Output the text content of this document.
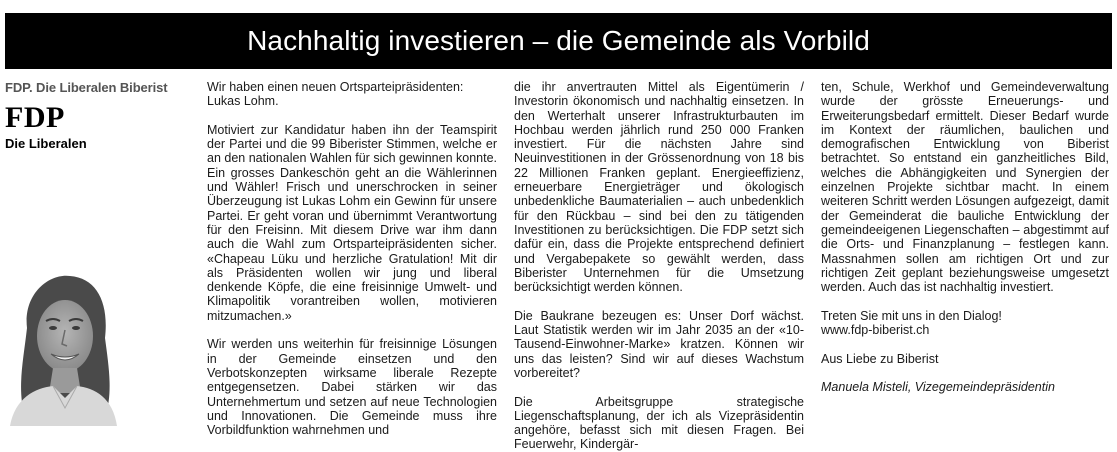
Nachhaltig investieren – die Gemeinde als Vorbild
FDP. Die Liberalen Biberist
FDP
Die Liberalen

Wir haben einen neuen Ortsparteipräsidenten: Lukas Lohm.

Motiviert zur Kandidatur haben ihn der Teamspirit der Partei und die 99 Biberister Stimmen, welche er an den nationalen Wahlen für sich gewinnen konnte. Ein grosses Dankeschön geht an die Wählerinnen und Wähler! Frisch und unerschrocken in seiner Überzeugung ist Lukas Lohm ein Gewinn für unsere Partei. Er geht voran und übernimmt Verantwortung für den Freisinn. Mit diesem Drive war ihm dann auch die Wahl zum Ortsparteipräsidenten sicher. «Chapeau Lüku und herzliche Gratulation! Mit dir als Präsidenten wollen wir jung und liberal denkende Köpfe, die eine freisinnige Umwelt- und Klimapolitik vorantreiben wollen, motivieren mitzumachen.»

Wir werden uns weiterhin für freisinnige Lösungen in der Gemeinde einsetzen und den Verbotskonzepten wirksame liberale Rezepte entgegensetzen. Dabei stärken wir das Unternehmertum und setzen auf neue Technologien und Innovationen. Die Gemeinde muss ihre Vorbildfunktion wahrnehmen und

die ihr anvertrauten Mittel als Eigentümerin / Investorin ökonomisch und nachhaltig einsetzen. In den Werterhalt unserer Infrastrukturbauten im Hochbau werden jährlich rund 250 000 Franken investiert. Für die nächsten Jahre sind Neuinvestitionen in der Grössenordnung von 18 bis 22 Millionen Franken geplant. Energieeffizienz, erneuerbare Energieträger und ökologisch unbedenkliche Baumaterialien – auch unbedenklich für den Rückbau – sind bei den zu tätigenden Investitionen zu berücksichtigen. Die FDP setzt sich dafür ein, dass die Projekte entsprechend definiert und Vergabepakete so gewählt werden, dass Biberister Unternehmen für die Umsetzung berücksichtigt werden können.

Die Baukrane bezeugen es: Unser Dorf wächst. Laut Statistik werden wir im Jahr 2035 an der «10-Tausend-Einwohner-Marke» kratzen. Können wir uns das leisten? Sind wir auf dieses Wachstum vorbereitet?

Die Arbeitsgruppe strategische Liegenschaftsplanung, der ich als Vizepräsidentin angehöre, befasst sich mit diesen Fragen. Bei Feuerwehr, Kindergär-

ten, Schule, Werkhof und Gemeindeverwaltung wurde der grösste Erneuerungs- und Erweiterungsbedarf ermittelt. Dieser Bedarf wurde im Kontext der räumlichen, baulichen und demografischen Entwicklung von Biberist betrachtet. So entstand ein ganzheitliches Bild, welches die Abhängigkeiten und Synergien der einzelnen Projekte sichtbar macht. In einem weiteren Schritt werden Lösungen aufgezeigt, damit der Gemeinderat die bauliche Entwicklung der gemeindeeigenen Liegenschaften – abgestimmt auf die Orts- und Finanzplanung – festlegen kann. Massnahmen sollen am richtigen Ort und zur richtigen Zeit geplant beziehungsweise umgesetzt werden. Auch das ist nachhaltig investiert.

Treten Sie mit uns in den Dialog!

www.fdp-biberist.ch

Aus Liebe zu Biberist

Manuela Misteli, Vizegemeindepräsidentin
